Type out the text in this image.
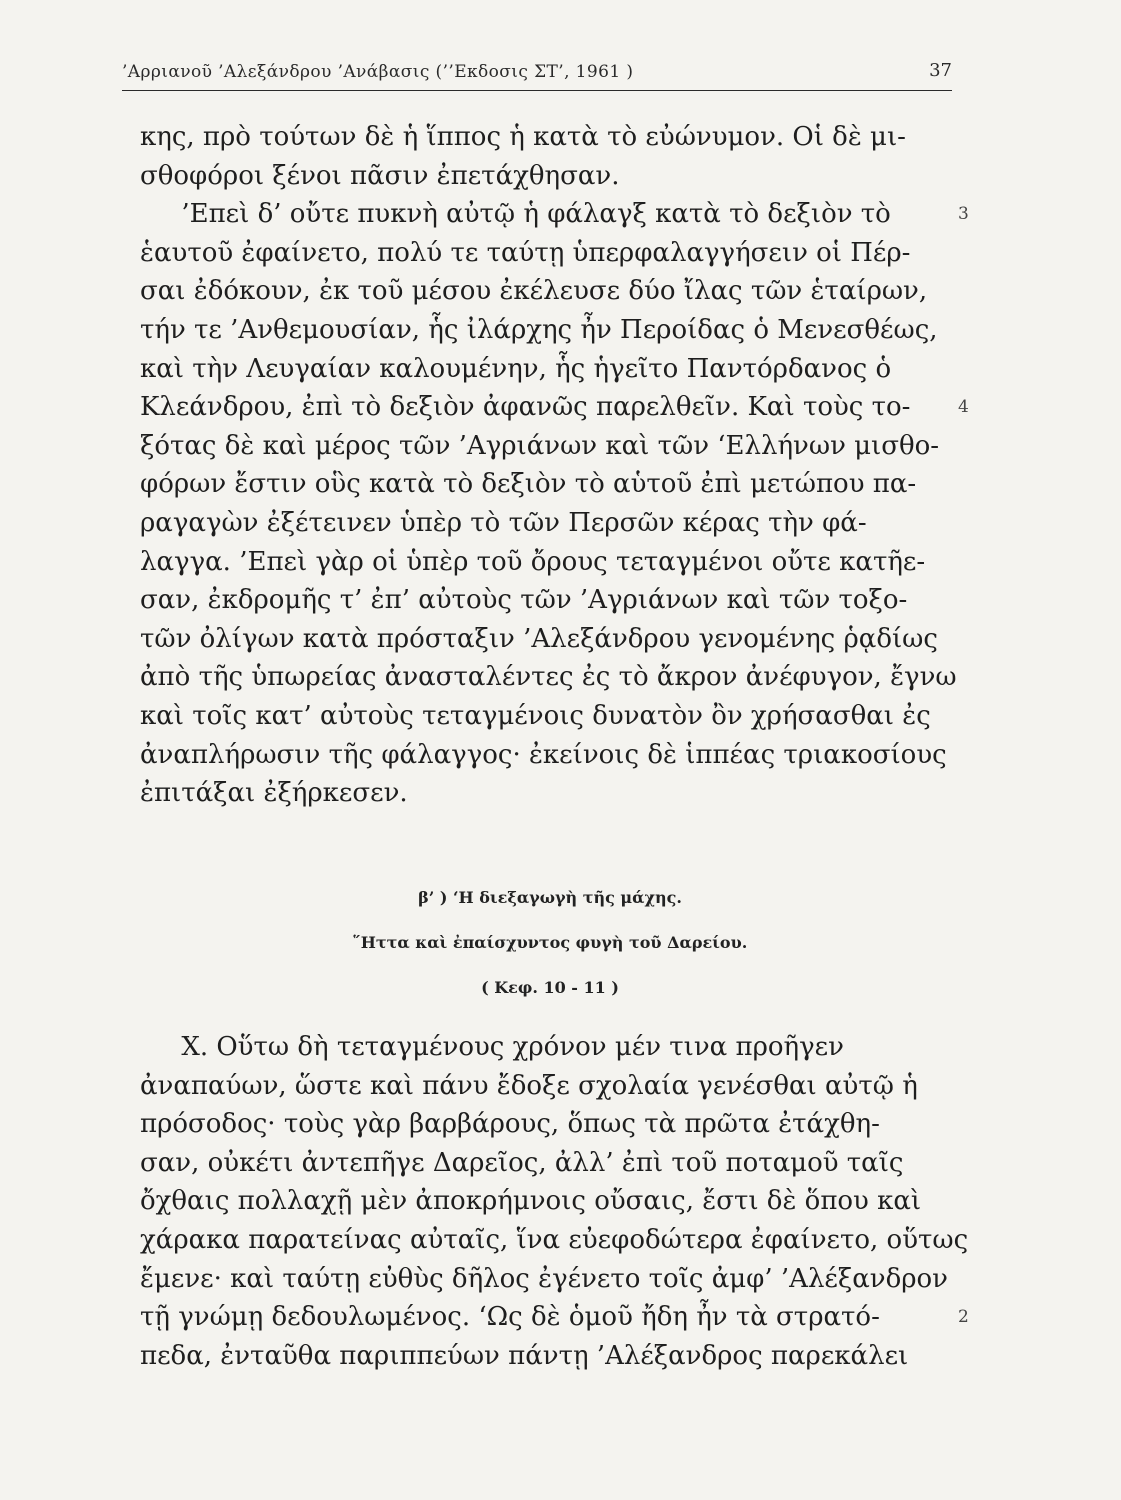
’Αρριανοῦ ’Αλεξάνδρου ’Ανάβασις (’’Εκδοσις ΣΤ’, 1961 )	37
κης, πρὸ τούτων δὲ ἡ ἵππος ἡ κατὰ τὸ εὐώνυμον. Οἱ δὲ μι-
σθοφόροι ξένοι πᾶσιν ἐπετάχθησαν.
’Επεὶ δ’ οὔτε πυκνὴ αὐτῷ ἡ φάλαγξ κατὰ τὸ δεξιὸν τὸ	3
ἑαυτοῦ ἐφαίνετο, πολύ τε ταύτῃ ὑπερφαλαγγήσειν οἱ Πέρ-
σαι ἐδόκουν, ἐκ τοῦ μέσου ἐκέλευσε δύο ἴλας τῶν ἑταίρων,
τήν τε ’Ανθεμουσίαν, ἧς ἰλάρχης ἦν Περοίδας ὁ Μενεσθέως,
καὶ τὴν Λευγαίαν καλουμένην, ἧς ἡγεῖτο Παντόρδανος ὁ
Κλεάνδρου, ἐπὶ τὸ δεξιὸν ἀφανῶς παρελθεῖν. Καὶ τοὺς το-	4
ξότας δὲ καὶ μέρος τῶν ’Αγριάνων καὶ τῶν ‘Ελλήνων μισθο-
φόρων ἔστιν οὓς κατὰ τὸ δεξιὸν τὸ αὑτοῦ ἐπὶ μετώπου πα-
ραγαγὼν ἐξέτεινεν ὑπὲρ τὸ τῶν Περσῶν κέρας τὴν φά-
λαγγα. ’Επεὶ γὰρ οἱ ὑπὲρ τοῦ ὄρους τεταγμένοι οὔτε κατῆε-
σαν, ἐκδρομῆς τ’ ἐπ’ αὐτοὺς τῶν ’Αγριάνων καὶ τῶν τοξο-
τῶν ὀλίγων κατὰ πρόσταξιν ’Αλεξάνδρου γενομένης ῥᾳδίως
ἀπὸ τῆς ὑπωρείας ἀνασταλέντες ἐς τὸ ἄκρον ἀνέφυγον, ἔγνω
καὶ τοῖς κατ’ αὐτοὺς τεταγμένοις δυνατὸν ὂν χρήσασθαι ἐς
ἀναπλήρωσιν τῆς φάλαγγος· ἐκείνοις δὲ ἱππέας τριακοσίους
ἐπιτάξαι ἐξήρκεσεν.
β’ ) ‘Η διεξαγωγὴ τῆς μάχης.
῞Ηττα καὶ ἐπαίσχυντος φυγὴ τοῦ Δαρείου.
( Κεφ. 10 - 11 )
Χ. Οὕτω δὴ τεταγμένους χρόνον μέν τινα προῆγεν
ἀναπαύων, ὥστε καὶ πάνυ ἔδοξε σχολαία γενέσθαι αὐτῷ ἡ
πρόσοδος· τοὺς γὰρ βαρβάρους, ὅπως τὰ πρῶτα ἐτάχθη-
σαν, οὐκέτι ἀντεπῆγε Δαρεῖος, ἀλλ’ ἐπὶ τοῦ ποταμοῦ ταῖς
ὄχθαις πολλαχῇ μὲν ἀποκρήμνοις οὔσαις, ἔστι δὲ ὅπου καὶ
χάρακα παρατείνας αὐταῖς, ἵνα εὐεφοδώτερα ἐφαίνετο, οὕτως
ἔμενε· καὶ ταύτῃ εὐθὺς δῆλος ἐγένετο τοῖς ἀμφ’ ’Αλέξανδρον
τῇ γνώμῃ δεδουλωμένος. ‘Ως δὲ ὁμοῦ ἤδη ἦν τὰ στρατό-	2
πεδα, ἐνταῦθα παριππεύων πάντῃ ’Αλέξανδρος παρεκάλει
